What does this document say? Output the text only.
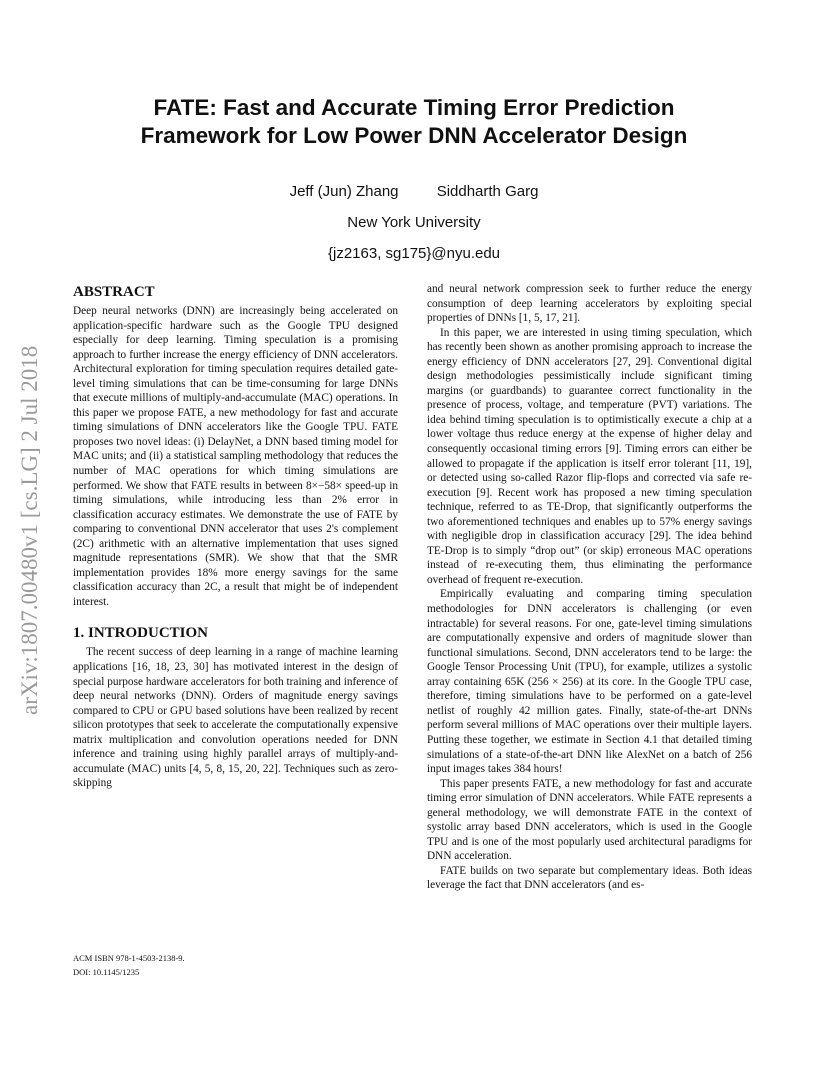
arXiv:1807.00480v1 [cs.LG] 2 Jul 2018
FATE: Fast and Accurate Timing Error Prediction
Framework for Low Power DNN Accelerator Design
Jeff (Jun) Zhang	Siddharth Garg
New York University
{jz2163, sg175}@nyu.edu
ABSTRACT

Deep neural networks (DNN) are increasingly being accelerated on application-specific hardware such as the Google TPU designed especially for deep learning. Timing speculation is a promising approach to further increase the energy efficiency of DNN accelerators. Architectural exploration for timing speculation requires detailed gate-level timing simulations that can be time-consuming for large DNNs that execute millions of multiply-and-accumulate (MAC) operations. In this paper we propose FATE, a new methodology for fast and accurate timing simulations of DNN accelerators like the Google TPU. FATE proposes two novel ideas: (i) DelayNet, a DNN based timing model for MAC units; and (ii) a statistical sampling methodology that reduces the number of MAC operations for which timing simulations are performed. We show that FATE results in between 8×−58× speed-up in timing simulations, while introducing less than 2% error in classification accuracy estimates. We demonstrate the use of FATE by comparing to conventional DNN accelerator that uses 2's complement (2C) arithmetic with an alternative implementation that uses signed magnitude representations (SMR). We show that that the SMR implementation provides 18% more energy savings for the same classification accuracy than 2C, a result that might be of independent interest.

1. INTRODUCTION

The recent success of deep learning in a range of machine learning applications [16, 18, 23, 30] has motivated interest in the design of special purpose hardware accelerators for both training and inference of deep neural networks (DNN). Orders of magnitude energy savings compared to CPU or GPU based solutions have been realized by recent silicon prototypes that seek to accelerate the computationally expensive matrix multiplication and convolution operations needed for DNN inference and training using highly parallel arrays of multiply-and-accumulate (MAC) units [4, 5, 8, 15, 20, 22]. Techniques such as zero-skipping

and neural network compression seek to further reduce the energy consumption of deep learning accelerators by exploiting special properties of DNNs [1, 5, 17, 21].

In this paper, we are interested in using timing speculation, which has recently been shown as another promising approach to increase the energy efficiency of DNN accelerators [27, 29]. Conventional digital design methodologies pessimistically include significant timing margins (or guardbands) to guarantee correct functionality in the presence of process, voltage, and temperature (PVT) variations. The idea behind timing speculation is to optimistically execute a chip at a lower voltage thus reduce energy at the expense of higher delay and consequently occasional timing errors [9]. Timing errors can either be allowed to propagate if the application is itself error tolerant [11, 19], or detected using so-called Razor flip-flops and corrected via safe re-execution [9]. Recent work has proposed a new timing speculation technique, referred to as TE-Drop, that significantly outperforms the two aforementioned techniques and enables up to 57% energy savings with negligible drop in classification accuracy [29]. The idea behind TE-Drop is to simply “drop out” (or skip) erroneous MAC operations instead of re-executing them, thus eliminating the performance overhead of frequent re-execution.

Empirically evaluating and comparing timing speculation methodologies for DNN accelerators is challenging (or even intractable) for several reasons. For one, gate-level timing simulations are computationally expensive and orders of magnitude slower than functional simulations. Second, DNN accelerators tend to be large: the Google Tensor Processing Unit (TPU), for example, utilizes a systolic array containing 65K (256 × 256) at its core. In the Google TPU case, therefore, timing simulations have to be performed on a gate-level netlist of roughly 42 million gates. Finally, state-of-the-art DNNs perform several millions of MAC operations over their multiple layers. Putting these together, we estimate in Section 4.1 that detailed timing simulations of a state-of-the-art DNN like AlexNet on a batch of 256 input images takes 384 hours!

This paper presents FATE, a new methodology for fast and accurate timing error simulation of DNN accelerators. While FATE represents a general methodology, we will demonstrate FATE in the context of systolic array based DNN accelerators, which is used in the Google TPU and is one of the most popularly used architectural paradigms for DNN acceleration.

FATE builds on two separate but complementary ideas. Both ideas leverage the fact that DNN accelerators (and es-

ACM ISBN 978-1-4503-2138-9.
DOI: 10.1145/1235
